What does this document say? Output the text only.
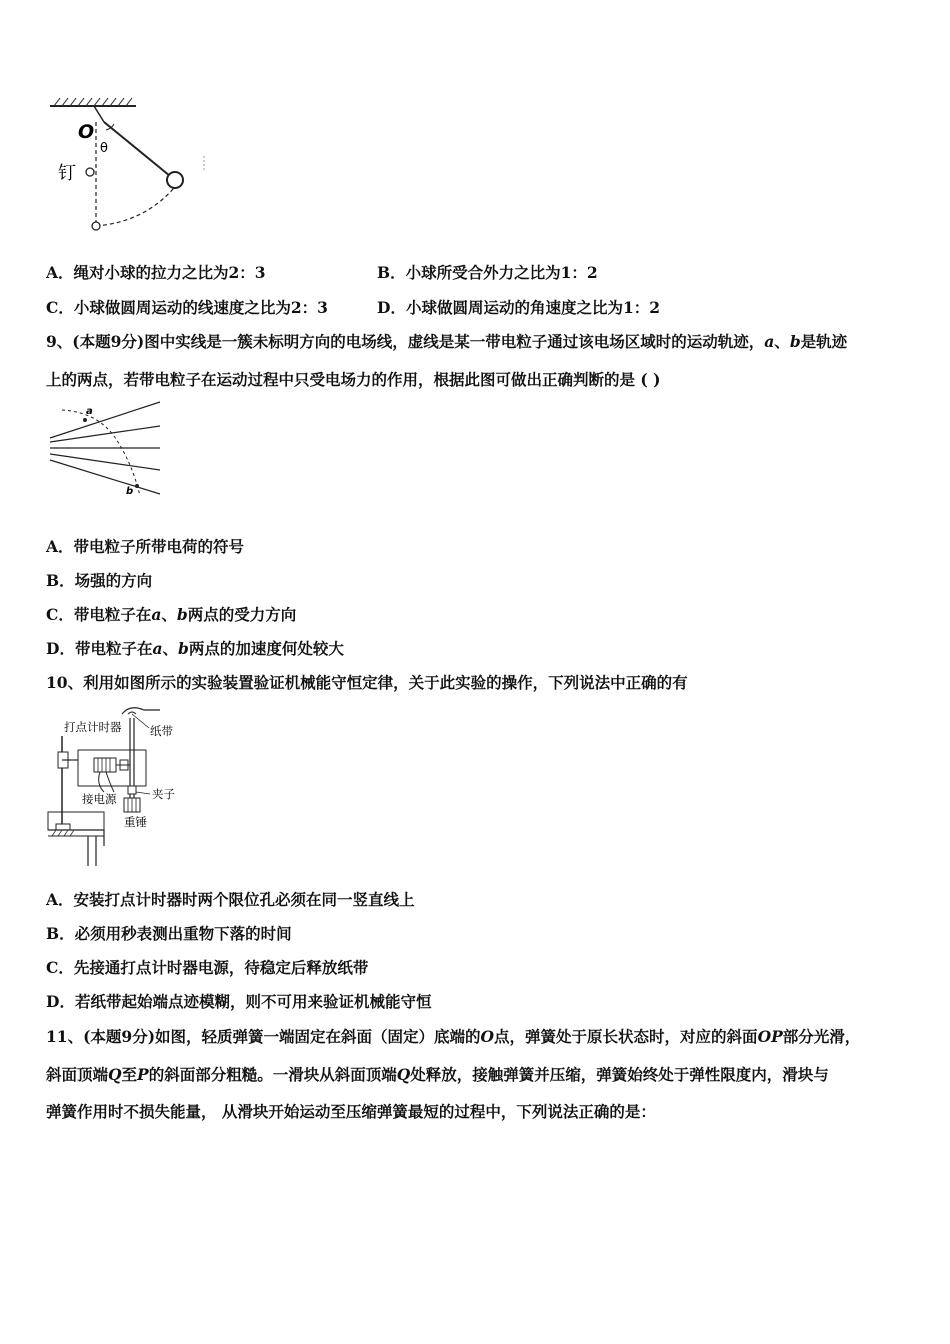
O
θ
钉
A．绳对小球的拉力之比为2：3	B．小球所受合外力之比为1：2
C．小球做圆周运动的线速度之比为2：3	D．小球做圆周运动的角速度之比为1：2
9、(本题9分)图中实线是一簇未标明方向的电场线，虚线是某一带电粒子通过该电场区域时的运动轨迹，a、b是轨迹
上的两点，若带电粒子在运动过程中只受电场力的作用，根据此图可做出正确判断的是 ( )
a
b
A．带电粒子所带电荷的符号
B．场强的方向
C．带电粒子在a、b两点的受力方向
D．带电粒子在a、b两点的加速度何处较大
10、利用如图所示的实验装置验证机械能守恒定律，关于此实验的操作，下列说法中正确的有
打点计时器 纸带
夹子
接电源
重锤
A．安装打点计时器时两个限位孔必须在同一竖直线上
B．必须用秒表测出重物下落的时间
C．先接通打点计时器电源，待稳定后释放纸带
D．若纸带起始端点迹模糊，则不可用来验证机械能守恒
11、(本题9分)如图，轻质弹簧一端固定在斜面（固定）底端的O点，弹簧处于原长状态时，对应的斜面OP部分光滑，
斜面顶端Q至P的斜面部分粗糙。一滑块从斜面顶端Q处释放，接触弹簧并压缩，弹簧始终处于弹性限度内，滑块与
弹簧作用时不损失能量， 从滑块开始运动至压缩弹簧最短的过程中，下列说法正确的是：
